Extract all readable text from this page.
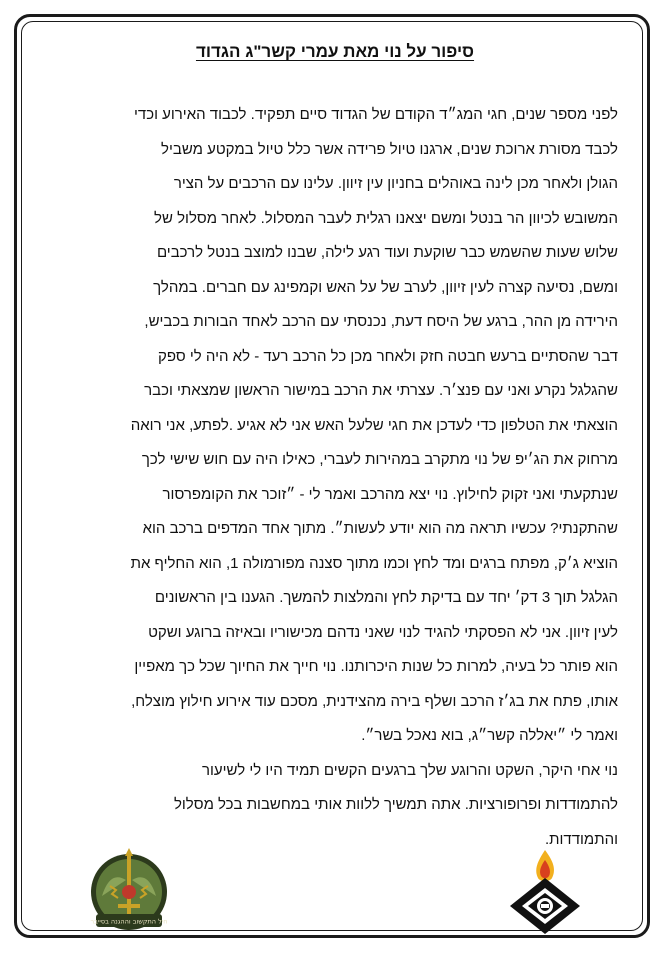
סיפור על נוי מאת עמרי קשר"ג הגדוד
לפני מספר שנים, חגי המג״ד הקודם של הגדוד סיים תפקיד. לכבוד האירוע וכדי
לכבד מסורת ארוכת שנים, ארגנו טיול פרידה אשר כלל טיול במקטע משביל
הגולן ולאחר מכן לינה באוהלים בחניון עין זיוון. עלינו עם הרכבים על הציר
המשובש לכיוון הר בנטל ומשם יצאנו רגלית לעבר המסלול. לאחר מסלול של
שלוש שעות שהשמש כבר שוקעת ועוד רגע לילה, שבנו למוצב בנטל לרכבים
ומשם, נסיעה קצרה לעין זיוון, לערב של על האש וקמפינג עם חברים. במהלך
הירידה מן ההר, ברגע של היסח דעת, נכנסתי עם הרכב לאחד הבורות בכביש,
דבר שהסתיים ברעש חבטה חזק ולאחר מכן כל הרכב רעד - לא היה לי ספק
שהגלגל נקרע ואני עם פנצ׳ר. עצרתי את הרכב במישור הראשון שמצאתי וכבר
הוצאתי את הטלפון כדי לעדכן את חגי שלעל האש אני לא אגיע .לפתע, אני רואה
מרחוק את הג׳יפ של נוי מתקרב במהירות לעברי, כאילו היה עם חוש שישי לכך
שנתקעתי ואני זקוק לחילוץ. נוי יצא מהרכב ואמר לי - ״זוכר את הקומפרסור
שהתקנתי? עכשיו תראה מה הוא יודע לעשות״. מתוך אחד המדפים ברכב הוא
הוציא ג׳ק, מפתח ברגים ומד לחץ וכמו מתוך סצנה מפורמולה 1, הוא החליף את
הגלגל תוך 3 דק׳ יחד עם בדיקת לחץ והמלצות להמשך. הגענו בין הראשונים
לעין זיוון. אני לא הפסקתי להגיד לנוי שאני נדהם מכישוריו ובאיזה ברוגע ושקט
הוא פותר כל בעיה, למרות כל שנות היכרותנו. נוי חייך את החיוך שכל כך מאפיין
אותו, פתח את בג׳ז הרכב ושלף בירה מהצידנית, מסכם עוד אירוע חילוץ מוצלח,
ואמר לי ״יאללה קשר״ג, בוא נאכל בשר״.
נוי אחי היקר, השקט והרוגע שלך ברגעים הקשים תמיד היו לי לשיעור
להתמודדות ופרופורציות. אתה תמשיך ללוות אותי במחשבות בכל מסלול
והתמודדות.
חיל התקשוב וההגנה בסייבר
